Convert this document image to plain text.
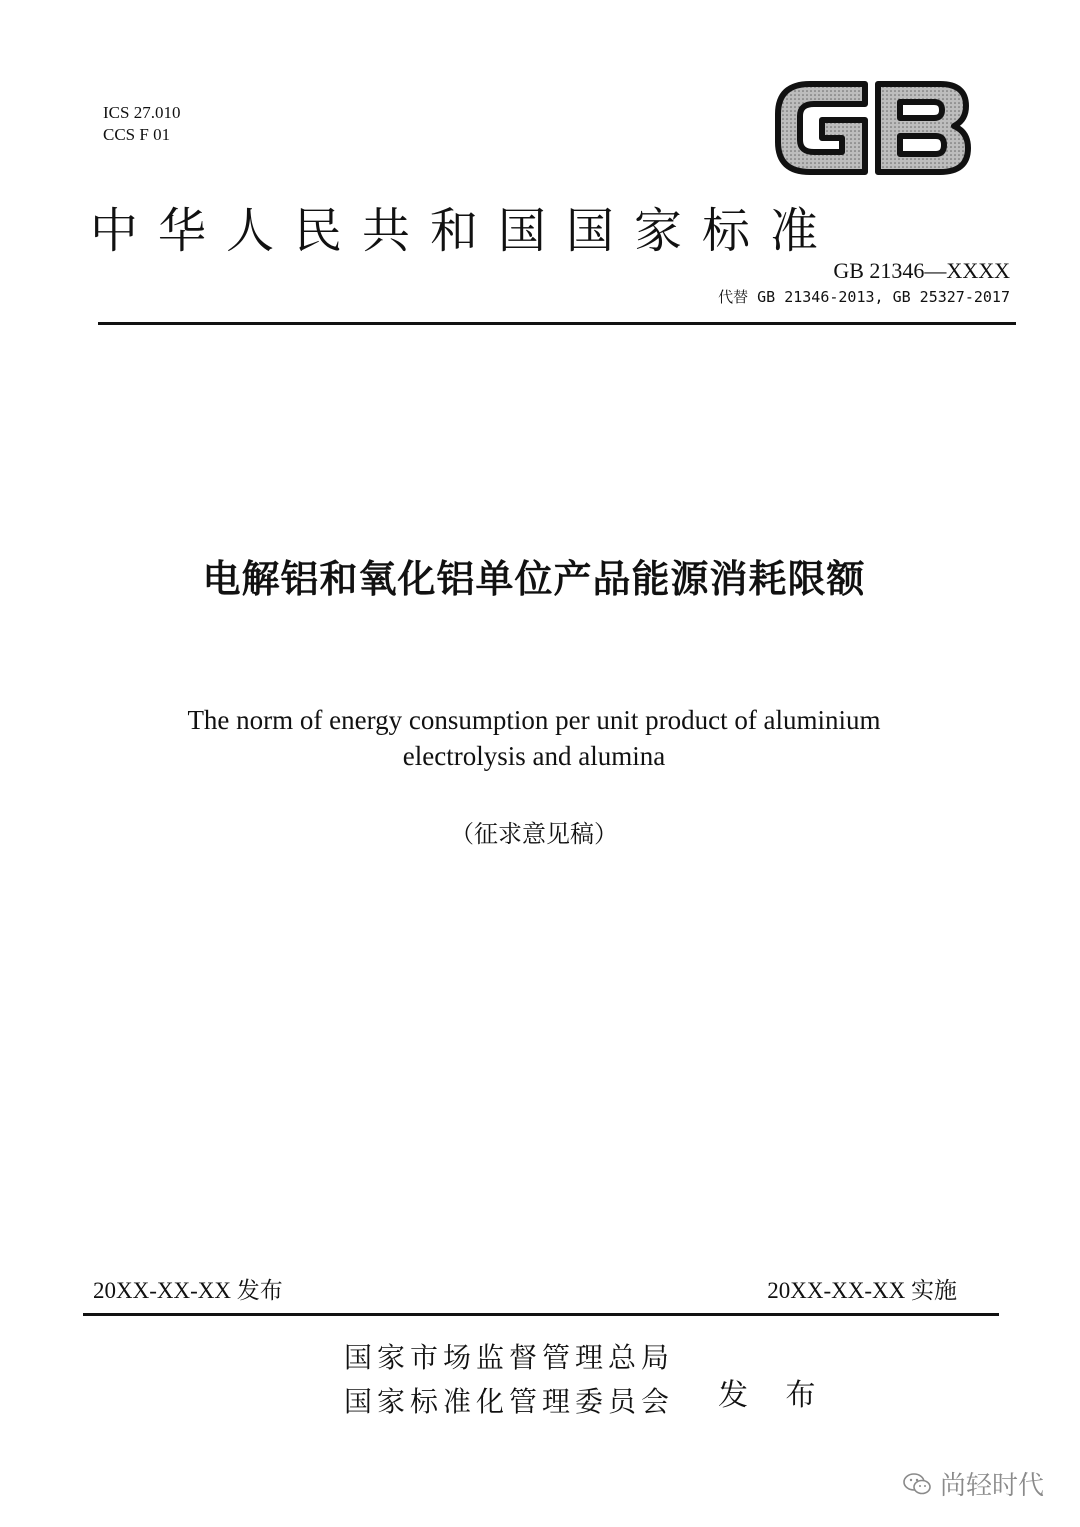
ICS 27.010
CCS F 01
中华人民共和国国家标准
GB 21346—XXXX
代替 GB 21346-2013, GB 25327-2017
电解铝和氧化铝单位产品能源消耗限额
The norm of energy consumption per unit product of aluminium
electrolysis and alumina
（征求意见稿）
20XX-XX-XX 发布	20XX-XX-XX 实施
国家市场监督管理总局
国家标准化管理委员会 发 布
尚轻时代
